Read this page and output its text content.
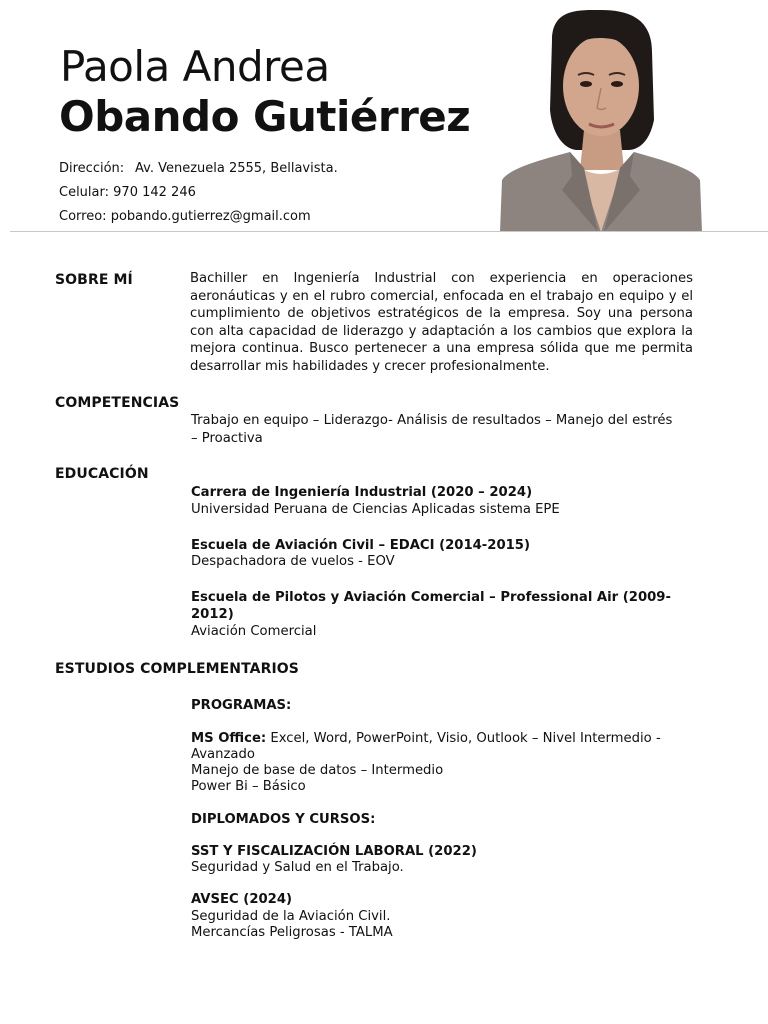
Paola Andrea
Obando Gutiérrez
Dirección: Av. Venezuela 2555, Bellavista.
Celular: 970 142 246
Correo: pobando.gutierrez@gmail.com
SOBRE MÍ	Bachiller en Ingeniería Industrial con experiencia en operaciones aeronáuticas y en el rubro comercial, enfocada en el trabajo en equipo y el cumplimiento de objetivos estratégicos de la empresa. Soy una persona con alta capacidad de liderazgo y adaptación a los cambios que explora la mejora continua. Busco pertenecer a una empresa sólida que me permita desarrollar mis habilidades y crecer profesionalmente.
COMPETENCIAS
Trabajo en equipo – Liderazgo- Análisis de resultados – Manejo del estrés
– Proactiva
EDUCACIÓN
Carrera de Ingeniería Industrial (2020 – 2024)
Universidad Peruana de Ciencias Aplicadas sistema EPE
Escuela de Aviación Civil – EDACI (2014-2015)
Despachadora de vuelos - EOV
Escuela de Pilotos y Aviación Comercial – Professional Air (2009-
2012)
Aviación Comercial
ESTUDIOS COMPLEMENTARIOS
PROGRAMAS:
MS Office: Excel, Word, PowerPoint, Visio, Outlook – Nivel Intermedio -
Avanzado
Manejo de base de datos – Intermedio
Power Bi – Básico
DIPLOMADOS Y CURSOS:
SST Y FISCALIZACIÓN LABORAL (2022)
Seguridad y Salud en el Trabajo.
AVSEC (2024)
Seguridad de la Aviación Civil.
Mercancías Peligrosas - TALMA
